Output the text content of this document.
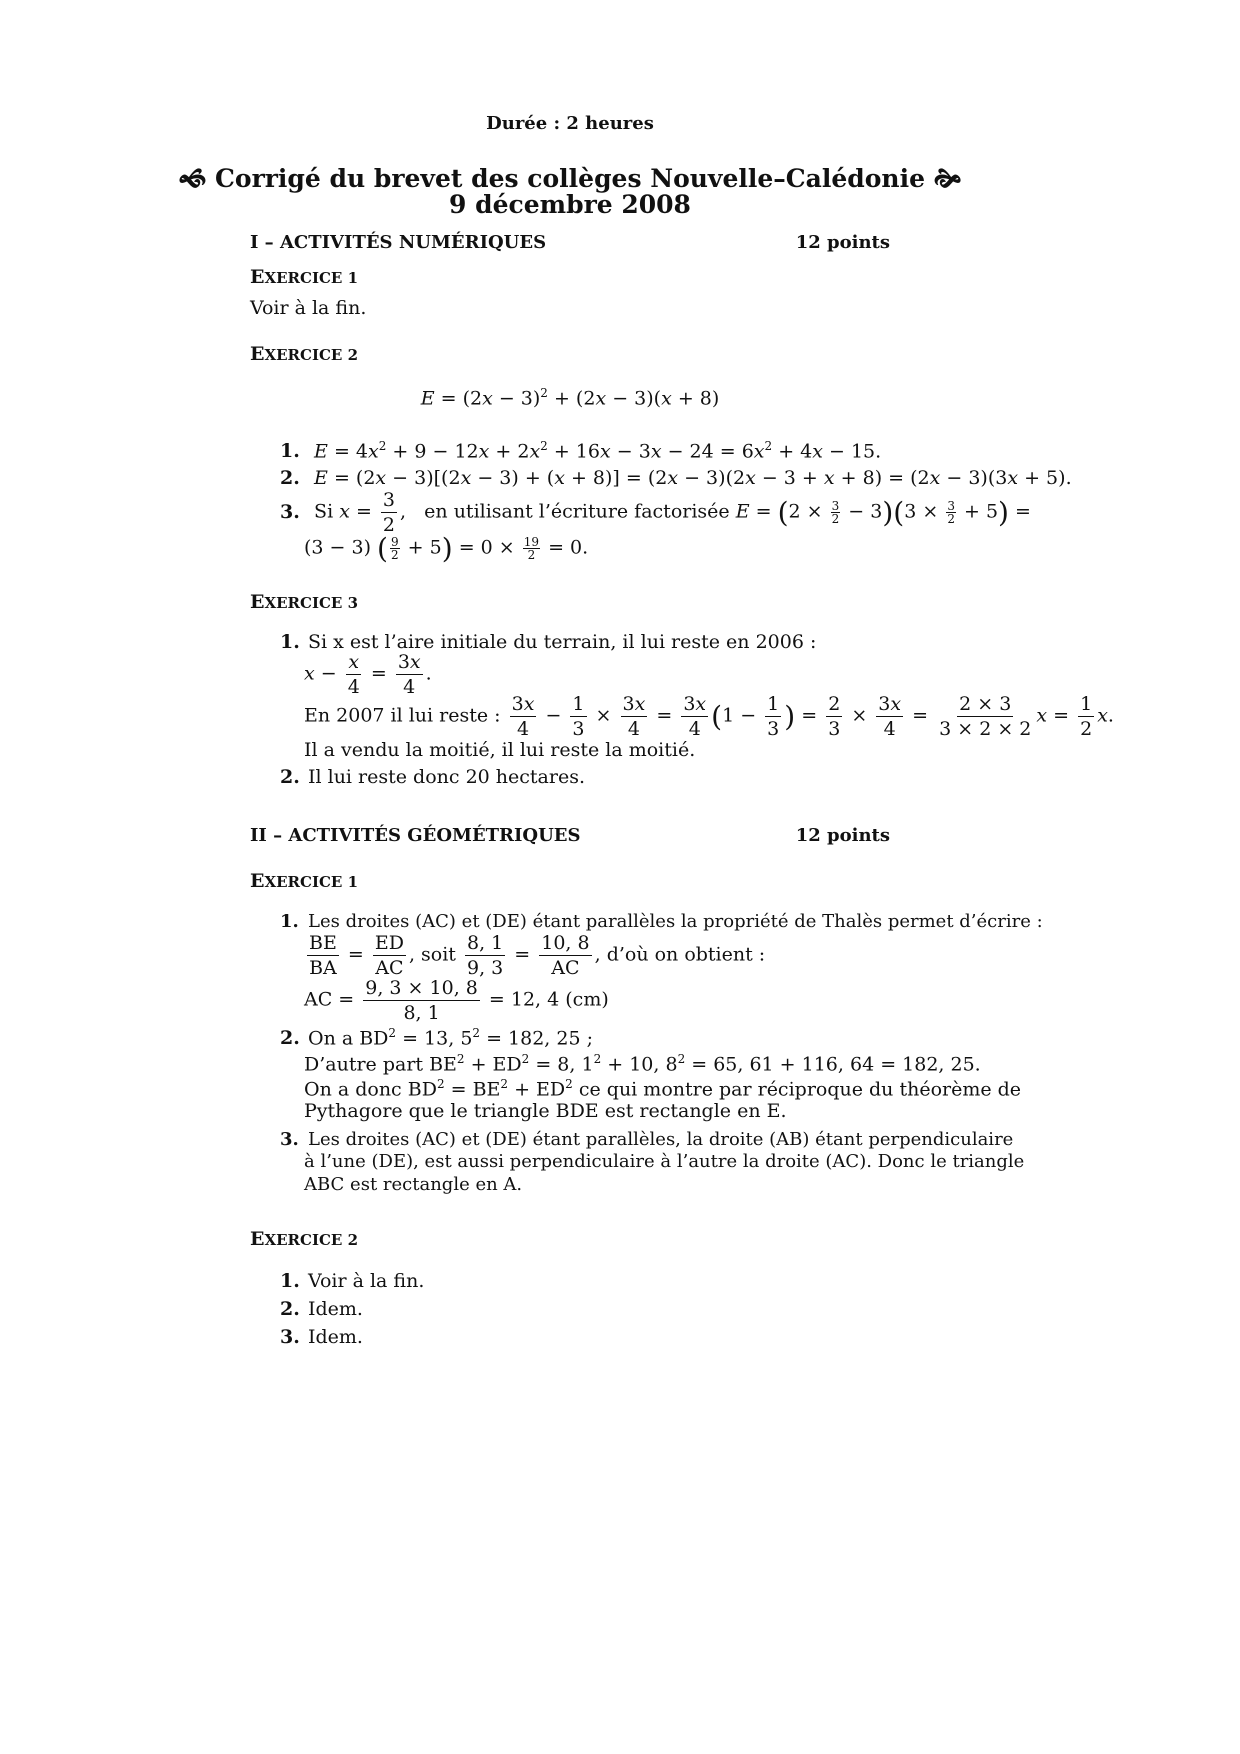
Durée : 2 heures
🙜 Corrigé du brevet des collèges Nouvelle–Calédonie 🙞
9 décembre 2008
I – ACTIVITÉS NUMÉRIQUES	12 points
EXERCICE 1
Voir à la fin.
EXERCICE 2
$E = (2x - 3)^2 + (2x - 3)(x + 8)$
1. $E = 4x^2 + 9 - 12x + 2x^2 + 16x - 3x - 24 = 6x^2 + 4x - 15$.
2. E = (2x − 3)[(2x − 3) + (x + 8)] = (2x − 3)(2x − 3 + x + 8) = (2x − 3)(3x + 5).
3. Si $x = \frac{3}{2}$ ,   en utilisant l’écriture factorisée $E = (2 \times \frac{3}{2} - 3)(3 \times \frac{3}{2} + 5)$ =
(3 − 3) ( $\frac{9}{2} + 5) = 0 \times \frac{19}{2} = 0$.
EXERCICE 3
1. Si x est l’aire initiale du terrain, il lui reste en 2006 :
$x - \frac{x}{4} = \frac{3x}{4}$ .
En 2007 il lui reste : $\frac{3x}{4} - \frac{1}{3} \times \frac{3x}{4} = \frac{3x}{4} (1 - \frac{1}{3}$ ) = $\frac{2}{3} \times \frac{3x}{4} = \frac{2 \times 3}{3 \times 2 \times 2}$ $x = \frac{1}{2} x$.
Il a vendu la moitié, il lui reste la moitié.
2. Il lui reste donc 20 hectares.
II – ACTIVITÉS GÉOMÉTRIQUES	12 points
EXERCICE 1
1. Les droites (AC) et (DE) étant parallèles la propriété de Thalès permet d’écrire :
$\frac{BE}{BA} = \frac{ED}{AC}$ , soit $\frac{8, 1}{9, 3} = \frac{10, 8}{AC}$ , d’où on obtient :
AC = $\frac{9, 3 \times 10, 8}{8, 1} = 12$, 4 (cm)
2. On a $BD^2 = 13$, $5^2 = 182$, 25 ;
D’autre part $BE^2 + ED^2 = 8$, $1^2 + 10$, $8^2 = 65$, 61 + 116, 64 = 182, 25.
On a donc $BD^2 = BE^2 + ED^2$ ce qui montre par réciproque du théorème de
Pythagore que le triangle BDE est rectangle en E.
3. Les droites (AC) et (DE) étant parallèles, la droite (AB) étant perpendiculaire
à l’une (DE), est aussi perpendiculaire à l’autre la droite (AC). Donc le triangle
ABC est rectangle en A.
EXERCICE 2
1. Voir à la fin.
2. Idem.
3. Idem.
